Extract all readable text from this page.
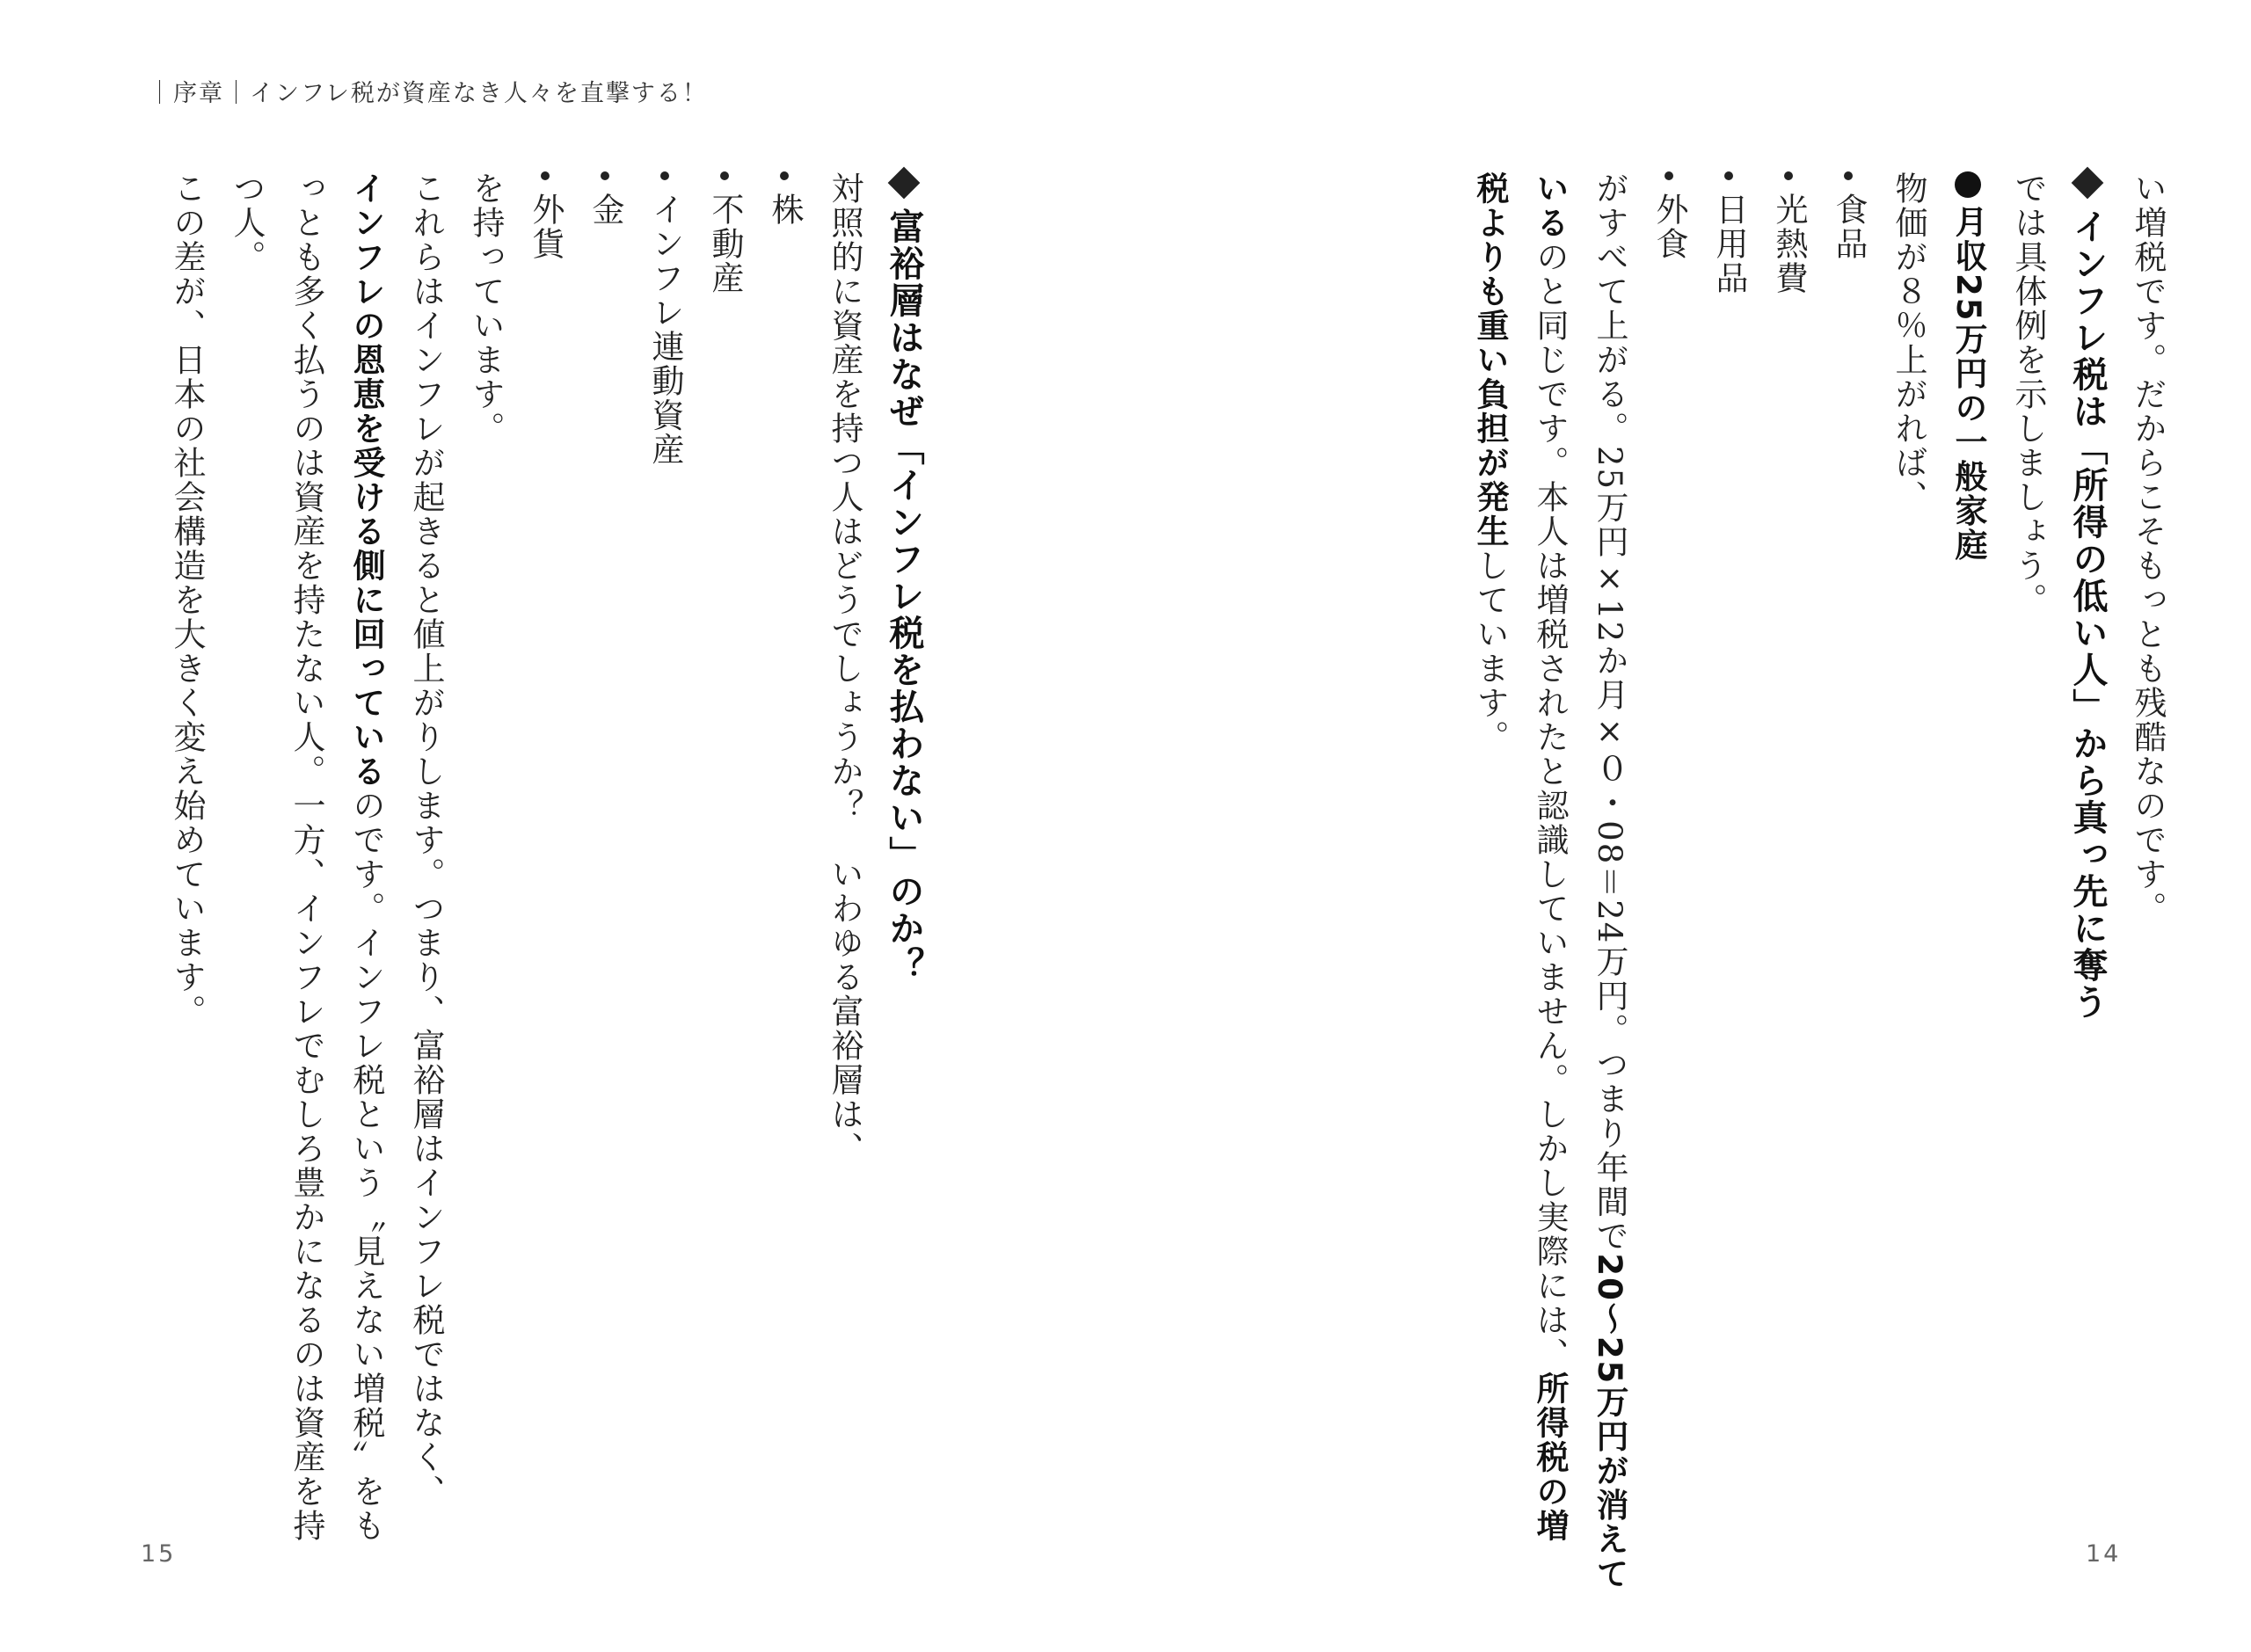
｜序章｜インフレ税が資産なき人々を直撃する！

い増税です。だからこそもっとも残酷なのです。

インフレ税は「所得の低い人」から真っ先に奪う

では具体例を示しましょう。

月収25万円の一般家庭

物価が８％上がれば、

食品

光熱費

日用品

外食

がすべて上がる。25万円×12か月×０・08＝24万円。つまり年間で20～25万円が消えて

いるのと同じです。本人は増税されたと認識していません。しかし実際には、所得税の増

税よりも重い負担が発生しています。

富裕層はなぜ「インフレ税を払わない」のか？

対照的に資産を持つ人はどうでしょうか？　いわゆる富裕層は、

株

不動産

インフレ連動資産

金

外貨

を持っています。

これらはインフレが起きると値上がりします。つまり、富裕層はインフレ税ではなく、

インフレの恩恵を受ける側に回っているのです。インフレ税という〝見えない増税〟をも

っとも多く払うのは資産を持たない人。一方、インフレでむしろ豊かになるのは資産を持

つ人。

この差が、日本の社会構造を大きく変え始めています。

15	14
